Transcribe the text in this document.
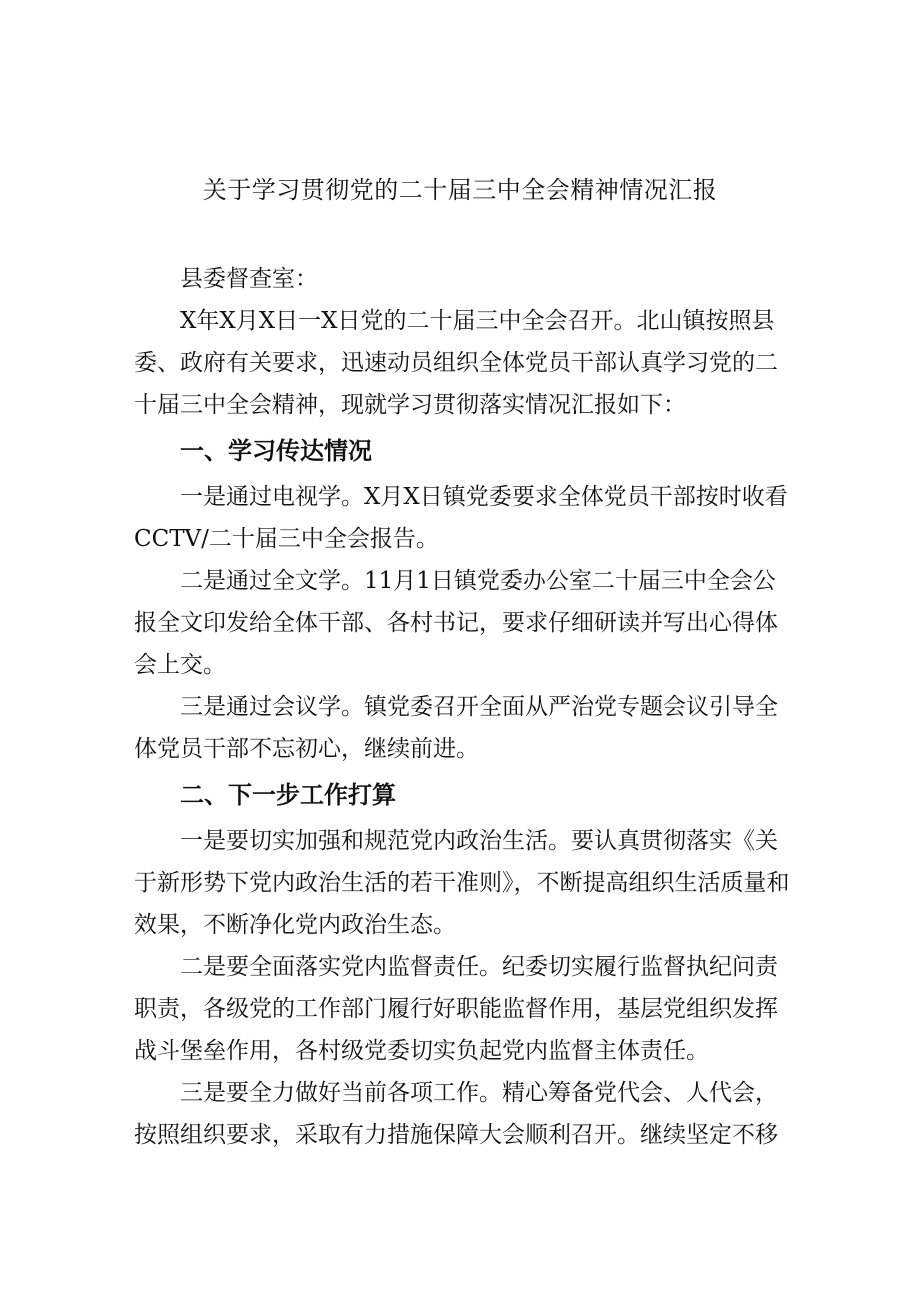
关于学习贯彻党的二十届三中全会精神情况汇报

县委督查室：

X年X月X日一X日党的二十届三中全会召开。北山镇按照县委、政府有关要求，迅速动员组织全体党员干部认真学习党的二十届三中全会精神，现就学习贯彻落实情况汇报如下：

一、学习传达情况

一是通过电视学。X月X日镇党委要求全体党员干部按时收看CCTV/二十届三中全会报告。

二是通过全文学。11月1日镇党委办公室二十届三中全会公报全文印发给全体干部、各村书记，要求仔细研读并写出心得体会上交。

三是通过会议学。镇党委召开全面从严治党专题会议引导全体党员干部不忘初心，继续前进。

二、下一步工作打算

一是要切实加强和规范党内政治生活。要认真贯彻落实《关于新形势下党内政治生活的若干准则》，不断提高组织生活质量和效果，不断净化党内政治生态。

二是要全面落实党内监督责任。纪委切实履行监督执纪问责职责，各级党的工作部门履行好职能监督作用，基层党组织发挥战斗堡垒作用，各村级党委切实负起党内监督主体责任。

三是要全力做好当前各项工作。精心筹备党代会、人代会，按照组织要求，采取有力措施保障大会顺利召开。继续坚定不移
